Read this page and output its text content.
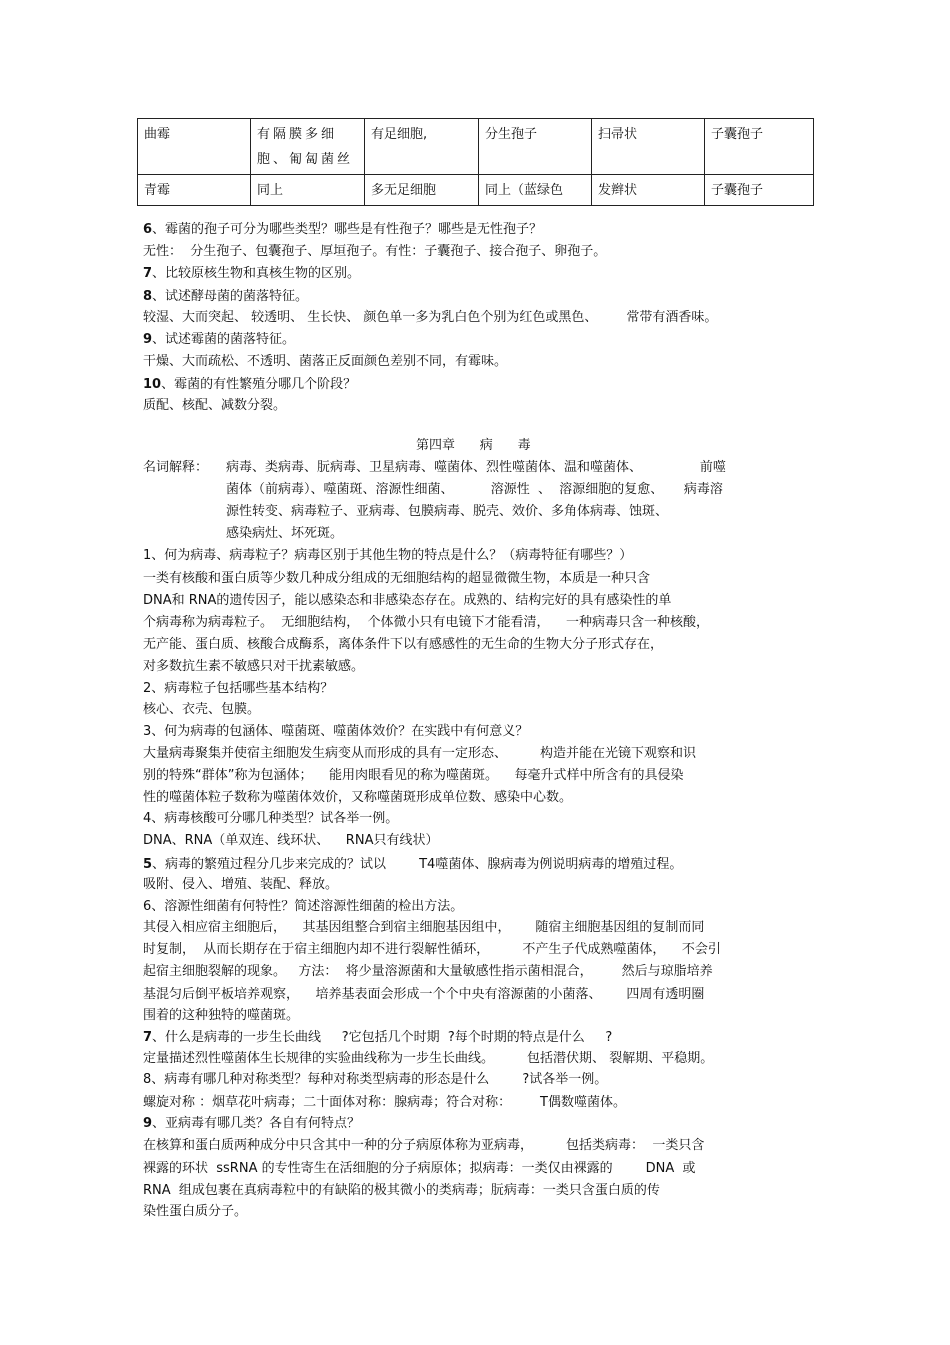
曲霉	有隔膜多细胞、匍匐菌丝	有足细胞,	分生孢子	扫帚状	子囊孢子
青霉	同上	多无足细胞	同上（蓝绿色	发辫状	子囊孢子
6、霉菌的孢子可分为哪些类型？哪些是有性孢子？哪些是无性孢子？
无性：  分生孢子、包囊孢子、厚垣孢子。有性：子囊孢子、接合孢子、卵孢子。
7、比较原核生物和真核生物的区别。
8、试述酵母菌的菌落特征。
较湿、大而突起、 较透明、 生长快、 颜色单一多为乳白色个别为红色或黑色、       常带有酒香味。
9、试述霉菌的菌落特征。
干燥、大而疏松、不透明、菌落正反面颜色差别不同，有霉味。
10、霉菌的有性繁殖分哪几个阶段？
质配、核配、减数分裂。
第四章      病      毒
名词解释： 病毒、类病毒、朊病毒、卫星病毒、噬菌体、烈性噬菌体、温和噬菌体、              前噬
菌体（前病毒）、噬菌斑、溶源性细菌、         溶源性  、  溶源细胞的复愈、     病毒溶
源性转变、病毒粒子、亚病毒、包膜病毒、脱壳、效价、多角体病毒、蚀斑、
感染病灶、坏死斑。
1、何为病毒、病毒粒子？病毒区别于其他生物的特点是什么？（病毒特征有哪些？）
一类有核酸和蛋白质等少数几种成分组成的无细胞结构的超显微微生物，本质是一种只含
DNA和 RNA的遗传因子，能以感染态和非感染态存在。成熟的、结构完好的具有感染性的单
个病毒称为病毒粒子。  无细胞结构，  个体微小只有电镜下才能看清，    一种病毒只含一种核酸，
无产能、蛋白质、核酸合成酶系，离体条件下以有感感性的无生命的生物大分子形式存在，
对多数抗生素不敏感只对干扰素敏感。
2、病毒粒子包括哪些基本结构？
核心、衣壳、包膜。
3、何为病毒的包涵体、噬菌斑、噬菌体效价？在实践中有何意义？
大量病毒聚集并使宿主细胞发生病变从而形成的具有一定形态、        构造并能在光镜下观察和识
别的特殊“群体”称为包涵体；    能用肉眼看见的称为噬菌斑。    每毫升式样中所含有的具侵染
性的噬菌体粒子数称为噬菌体效价，又称噬菌斑形成单位数、感染中心数。
4、病毒核酸可分哪几种类型？试各举一例。
DNA、RNA（单双连、线环状、    RNA只有线状）
5、病毒的繁殖过程分几步来完成的？试以        T4噬菌体、腺病毒为例说明病毒的增殖过程。
吸附、侵入、增殖、装配、释放。
6、溶源性细菌有何特性？简述溶源性细菌的检出方法。
其侵入相应宿主细胞后，    其基因组整合到宿主细胞基因组中，      随宿主细胞基因组的复制而同
时复制，  从而长期存在于宿主细胞内却不进行裂解性循环，        不产生子代成熟噬菌体，    不会引
起宿主细胞裂解的现象。   方法：  将少量溶源菌和大量敏感性指示菌相混合，       然后与琼脂培养
基混匀后倒平板培养观察，    培养基表面会形成一个个中央有溶源菌的小菌落、      四周有透明圈
围着的这种独特的噬菌斑。
7、什么是病毒的一步生长曲线     ?它包括几个时期  ?每个时期的特点是什么     ?
定量描述烈性噬菌体生长规律的实验曲线称为一步生长曲线。        包括潜伏期、 裂解期、平稳期。
8、病毒有哪几种对称类型？每种对称类型病毒的形态是什么        ?试各举一例。
螺旋对称 ：烟草花叶病毒；二十面体对称：腺病毒；符合对称：       T偶数噬菌体。
9、亚病毒有哪几类？各自有何特点？
在核算和蛋白质两种成分中只含其中一种的分子病原体称为亚病毒，        包括类病毒：  一类只含
裸露的环状  ssRNA 的专性寄生在活细胞的分子病原体；拟病毒：一类仅由裸露的        DNA  或
RNA  组成包裹在真病毒粒中的有缺陷的极其微小的类病毒；朊病毒：一类只含蛋白质的传
染性蛋白质分子。
